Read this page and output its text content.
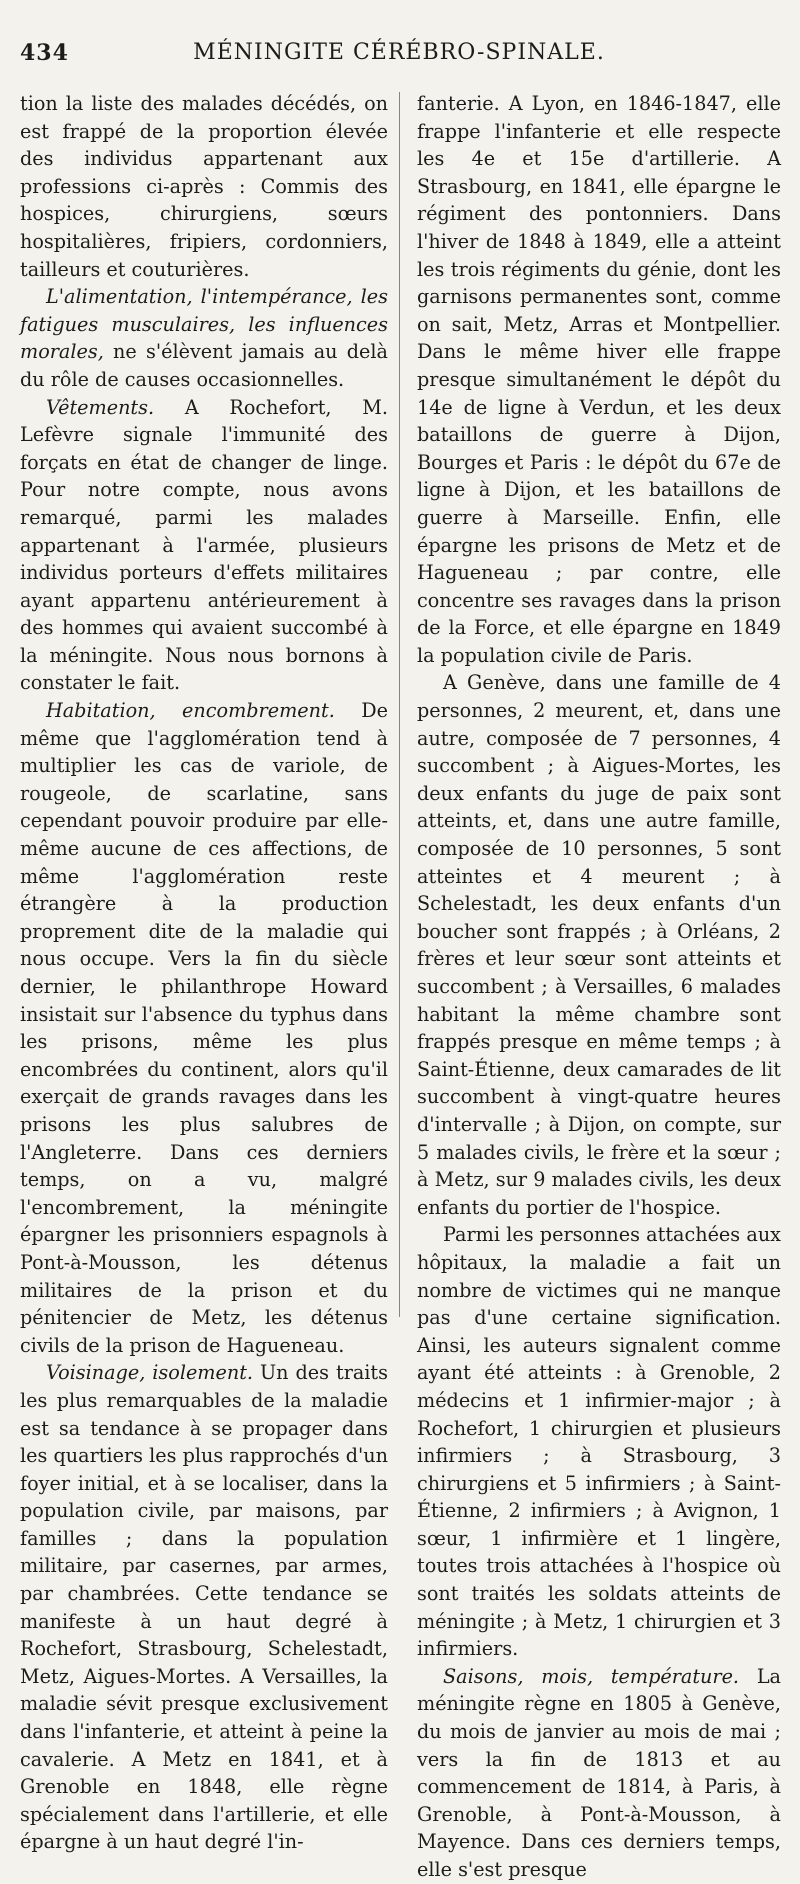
434	MÉNINGITE CÉRÉBRO-SPINALE.

tion la liste des malades décédés, on est frappé de la proportion élevée des individus appartenant aux professions ci-après : Commis des hospices, chirurgiens, sœurs hospitalières, fripiers, cordonniers, tailleurs et couturières.

L'alimentation, l'intempérance, les fatigues musculaires, les influences morales, ne s'élèvent jamais au delà du rôle de causes occasionnelles.

Vêtements. A Rochefort, M. Lefèvre signale l'immunité des forçats en état de changer de linge. Pour notre compte, nous avons remarqué, parmi les malades appartenant à l'armée, plusieurs individus porteurs d'effets militaires ayant appartenu antérieurement à des hommes qui avaient succombé à la méningite. Nous nous bornons à constater le fait.

Habitation, encombrement. De même que l'agglomération tend à multiplier les cas de variole, de rougeole, de scarlatine, sans cependant pouvoir produire par elle-même aucune de ces affections, de même l'agglomération reste étrangère à la production proprement dite de la maladie qui nous occupe. Vers la fin du siècle dernier, le philanthrope Howard insistait sur l'absence du typhus dans les prisons, même les plus encombrées du continent, alors qu'il exerçait de grands ravages dans les prisons les plus salubres de l'Angleterre. Dans ces derniers temps, on a vu, malgré l'encombrement, la méningite épargner les prisonniers espagnols à Pont-à-Mousson, les détenus militaires de la prison et du pénitencier de Metz, les détenus civils de la prison de Hagueneau.

Voisinage, isolement. Un des traits les plus remarquables de la maladie est sa tendance à se propager dans les quartiers les plus rapprochés d'un foyer initial, et à se localiser, dans la population civile, par maisons, par familles ; dans la population militaire, par casernes, par armes, par chambrées. Cette tendance se manifeste à un haut degré à Rochefort, Strasbourg, Schelestadt, Metz, Aigues-Mortes. A Versailles, la maladie sévit presque exclusivement dans l'infanterie, et atteint à peine la cavalerie. A Metz en 1841, et à Grenoble en 1848, elle règne spécialement dans l'artillerie, et elle épargne à un haut degré l'in-

fanterie. A Lyon, en 1846-1847, elle frappe l'infanterie et elle respecte les 4e et 15e d'artillerie. A Strasbourg, en 1841, elle épargne le régiment des pontonniers. Dans l'hiver de 1848 à 1849, elle a atteint les trois régiments du génie, dont les garnisons permanentes sont, comme on sait, Metz, Arras et Montpellier. Dans le même hiver elle frappe presque simultanément le dépôt du 14e de ligne à Verdun, et les deux bataillons de guerre à Dijon, Bourges et Paris : le dépôt du 67e de ligne à Dijon, et les bataillons de guerre à Marseille. Enfin, elle épargne les prisons de Metz et de Hagueneau ; par contre, elle concentre ses ravages dans la prison de la Force, et elle épargne en 1849 la population civile de Paris.

A Genève, dans une famille de 4 personnes, 2 meurent, et, dans une autre, composée de 7 personnes, 4 succombent ; à Aigues-Mortes, les deux enfants du juge de paix sont atteints, et, dans une autre famille, composée de 10 personnes, 5 sont atteintes et 4 meurent ; à Schelestadt, les deux enfants d'un boucher sont frappés ; à Orléans, 2 frères et leur sœur sont atteints et succombent ; à Versailles, 6 malades habitant la même chambre sont frappés presque en même temps ; à Saint-Étienne, deux camarades de lit succombent à vingt-quatre heures d'intervalle ; à Dijon, on compte, sur 5 malades civils, le frère et la sœur ; à Metz, sur 9 malades civils, les deux enfants du portier de l'hospice.

Parmi les personnes attachées aux hôpitaux, la maladie a fait un nombre de victimes qui ne manque pas d'une certaine signification. Ainsi, les auteurs signalent comme ayant été atteints : à Grenoble, 2 médecins et 1 infirmier-major ; à Rochefort, 1 chirurgien et plusieurs infirmiers ; à Strasbourg, 3 chirurgiens et 5 infirmiers ; à Saint-Étienne, 2 infirmiers ; à Avignon, 1 sœur, 1 infirmière et 1 lingère, toutes trois attachées à l'hospice où sont traités les soldats atteints de méningite ; à Metz, 1 chirurgien et 3 infirmiers.

Saisons, mois, température. La méningite règne en 1805 à Genève, du mois de janvier au mois de mai ; vers la fin de 1813 et au commencement de 1814, à Paris, à Grenoble, à Pont-à-Mousson, à Mayence. Dans ces derniers temps, elle s'est presque
